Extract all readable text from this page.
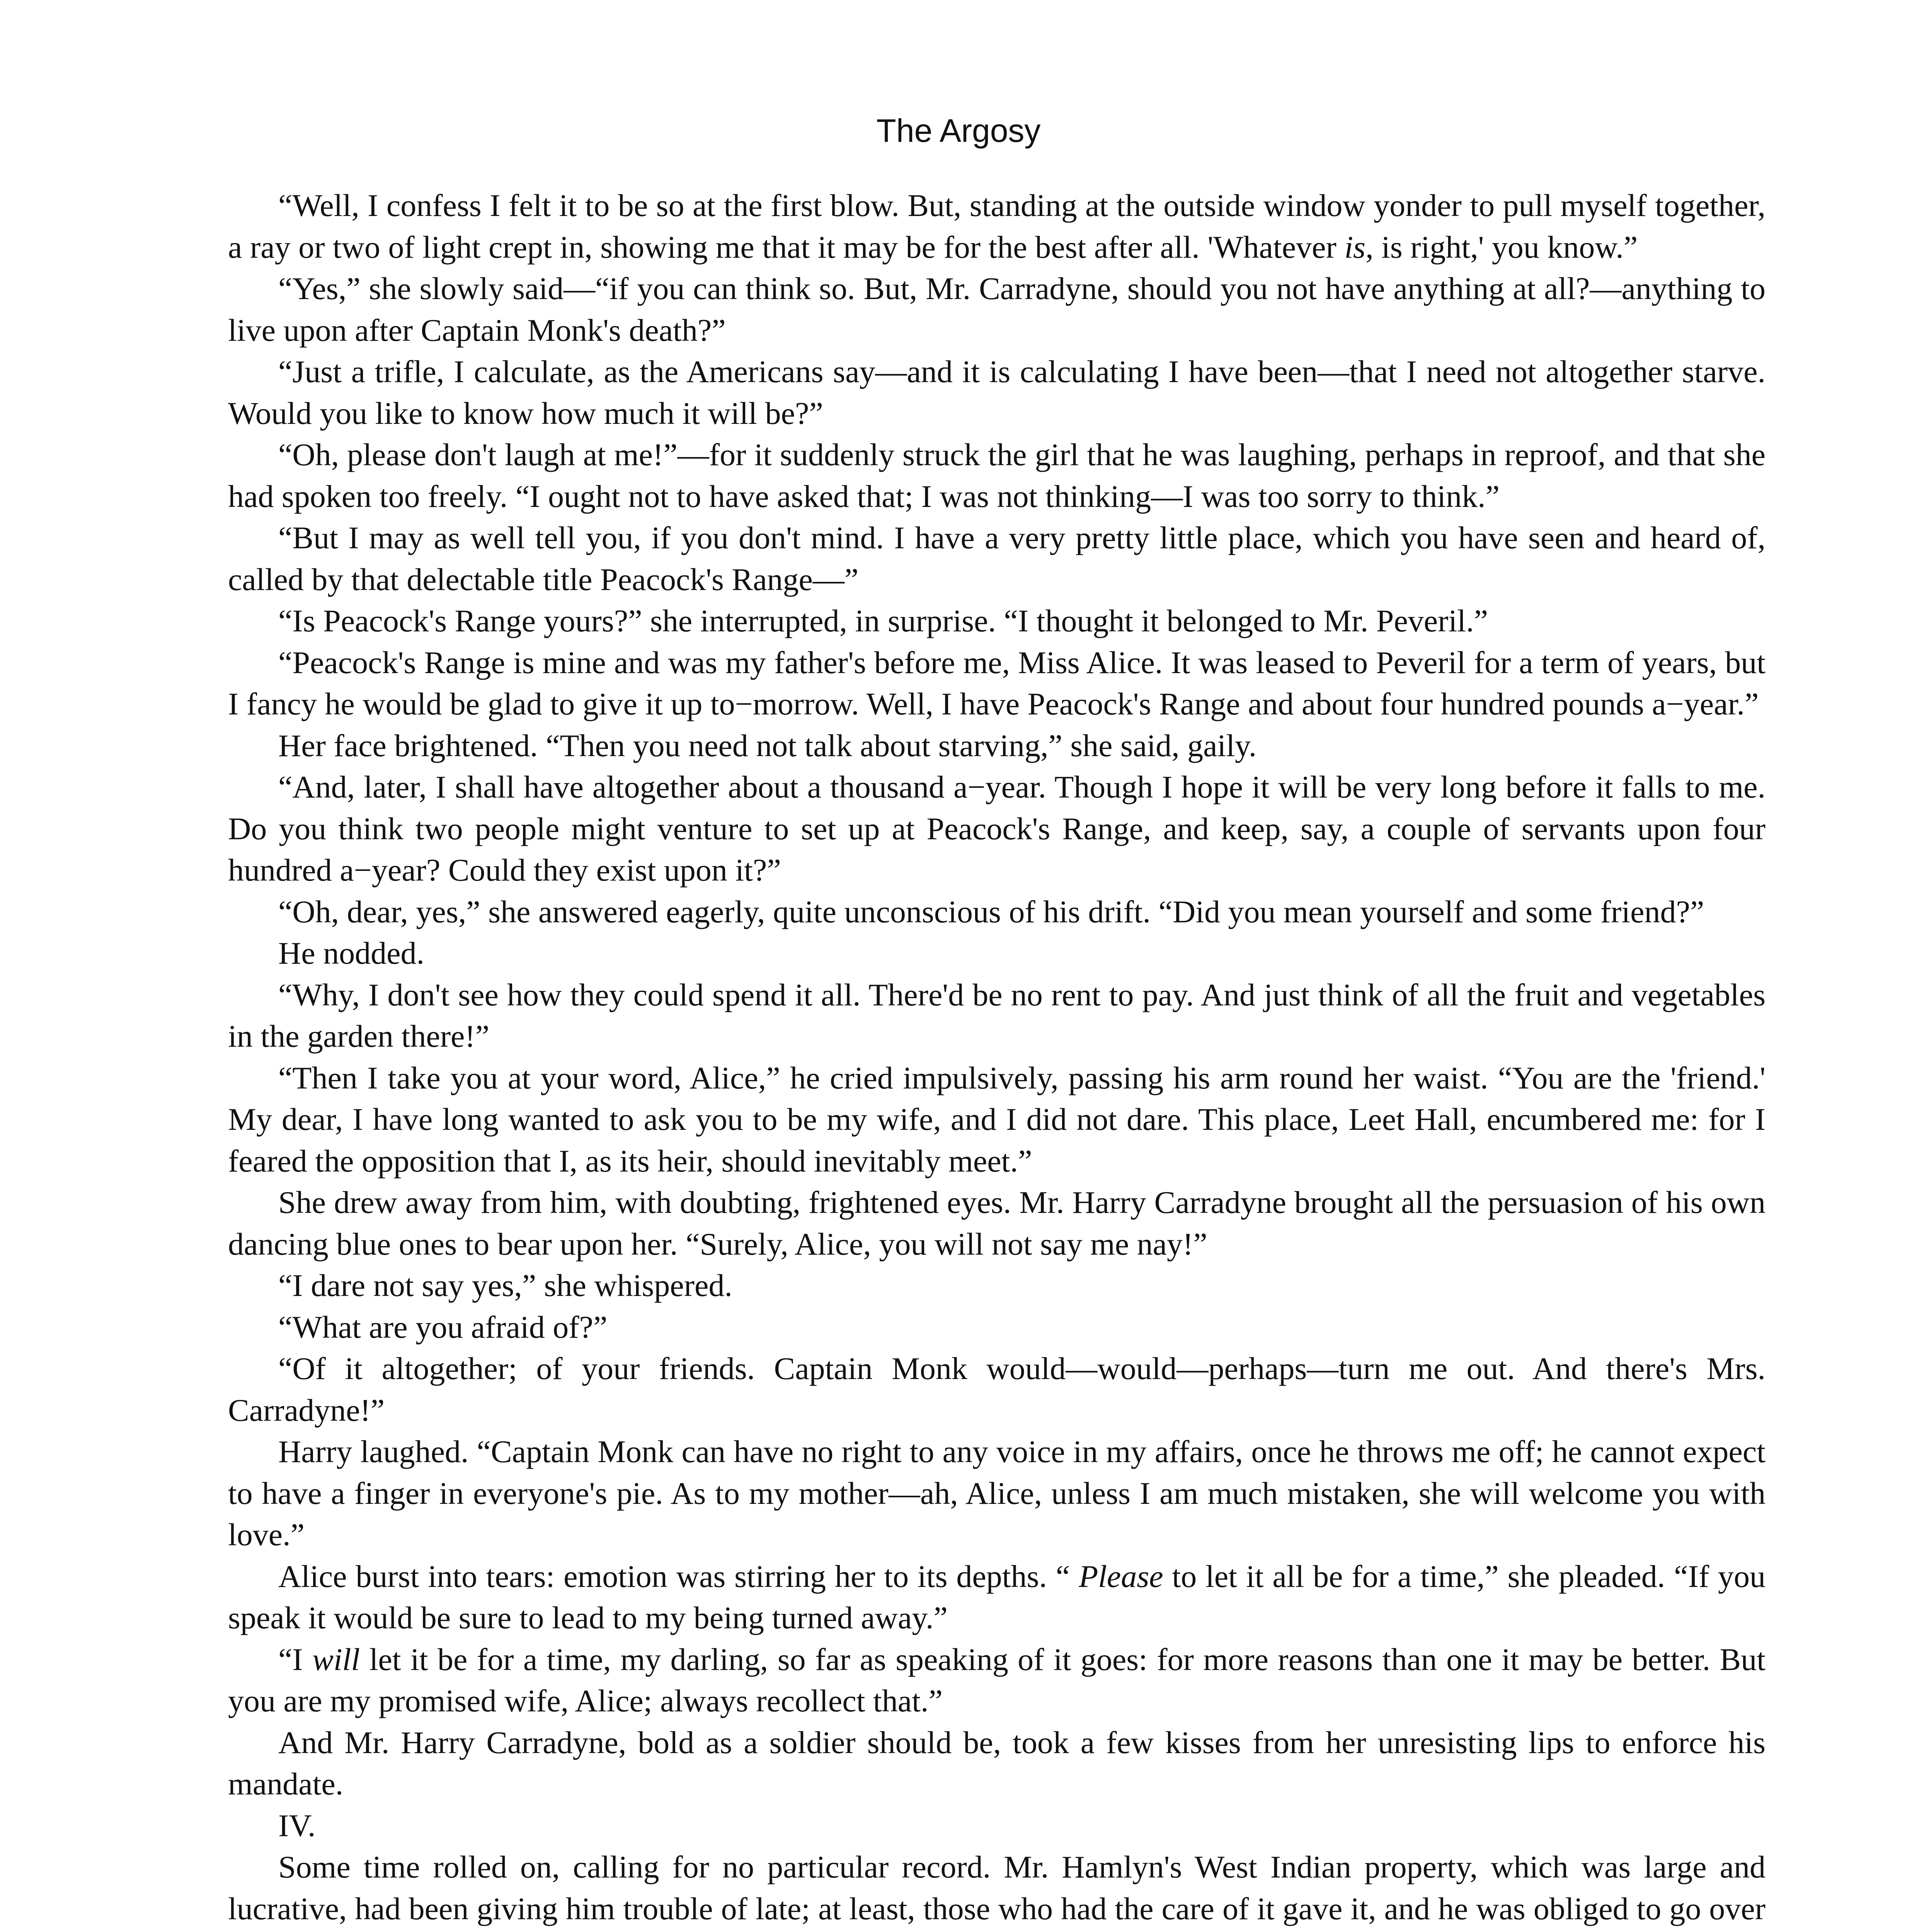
The Argosy

“Well, I confess I felt it to be so at the first blow. But, standing at the outside window yonder to pull myself together, a ray or two of light crept in, showing me that it may be for the best after all. 'Whatever is, is right,' you know.”

“Yes,” she slowly said—“if you can think so. But, Mr. Carradyne, should you not have anything at all?—anything to live upon after Captain Monk's death?”

“Just a trifle, I calculate, as the Americans say—and it is calculating I have been—that I need not altogether starve. Would you like to know how much it will be?”

“Oh, please don't laugh at me!”—for it suddenly struck the girl that he was laughing, perhaps in reproof, and that she had spoken too freely. “I ought not to have asked that; I was not thinking—I was too sorry to think.”

“But I may as well tell you, if you don't mind. I have a very pretty little place, which you have seen and heard of, called by that delectable title Peacock's Range—”

“Is Peacock's Range yours?” she interrupted, in surprise. “I thought it belonged to Mr. Peveril.”

“Peacock's Range is mine and was my father's before me, Miss Alice. It was leased to Peveril for a term of years, but I fancy he would be glad to give it up to−morrow. Well, I have Peacock's Range and about four hundred pounds a−year.”

Her face brightened. “Then you need not talk about starving,” she said, gaily.

“And, later, I shall have altogether about a thousand a−year. Though I hope it will be very long before it falls to me. Do you think two people might venture to set up at Peacock's Range, and keep, say, a couple of servants upon four hundred a−year? Could they exist upon it?”

“Oh, dear, yes,” she answered eagerly, quite unconscious of his drift. “Did you mean yourself and some friend?”

He nodded.

“Why, I don't see how they could spend it all. There'd be no rent to pay. And just think of all the fruit and vegetables in the garden there!”

“Then I take you at your word, Alice,” he cried impulsively, passing his arm round her waist. “You are the 'friend.' My dear, I have long wanted to ask you to be my wife, and I did not dare. This place, Leet Hall, encumbered me: for I feared the opposition that I, as its heir, should inevitably meet.”

She drew away from him, with doubting, frightened eyes. Mr. Harry Carradyne brought all the persuasion of his own dancing blue ones to bear upon her. “Surely, Alice, you will not say me nay!”

“I dare not say yes,” she whispered.

“What are you afraid of?”

“Of it altogether; of your friends. Captain Monk would—would—perhaps—turn me out. And there's Mrs. Carradyne!”

Harry laughed. “Captain Monk can have no right to any voice in my affairs, once he throws me off; he cannot expect to have a finger in everyone's pie. As to my mother—ah, Alice, unless I am much mistaken, she will welcome you with love.”

Alice burst into tears: emotion was stirring her to its depths. “ Please to let it all be for a time,” she pleaded. “If you speak it would be sure to lead to my being turned away.”

“I will let it be for a time, my darling, so far as speaking of it goes: for more reasons than one it may be better. But you are my promised wife, Alice; always recollect that.”

And Mr. Harry Carradyne, bold as a soldier should be, took a few kisses from her unresisting lips to enforce his mandate.

IV.

Some time rolled on, calling for no particular record. Mr. Hamlyn's West Indian property, which was large and lucrative, had been giving him trouble of late; at least, those who had the care of it gave it, and he was obliged to go over
